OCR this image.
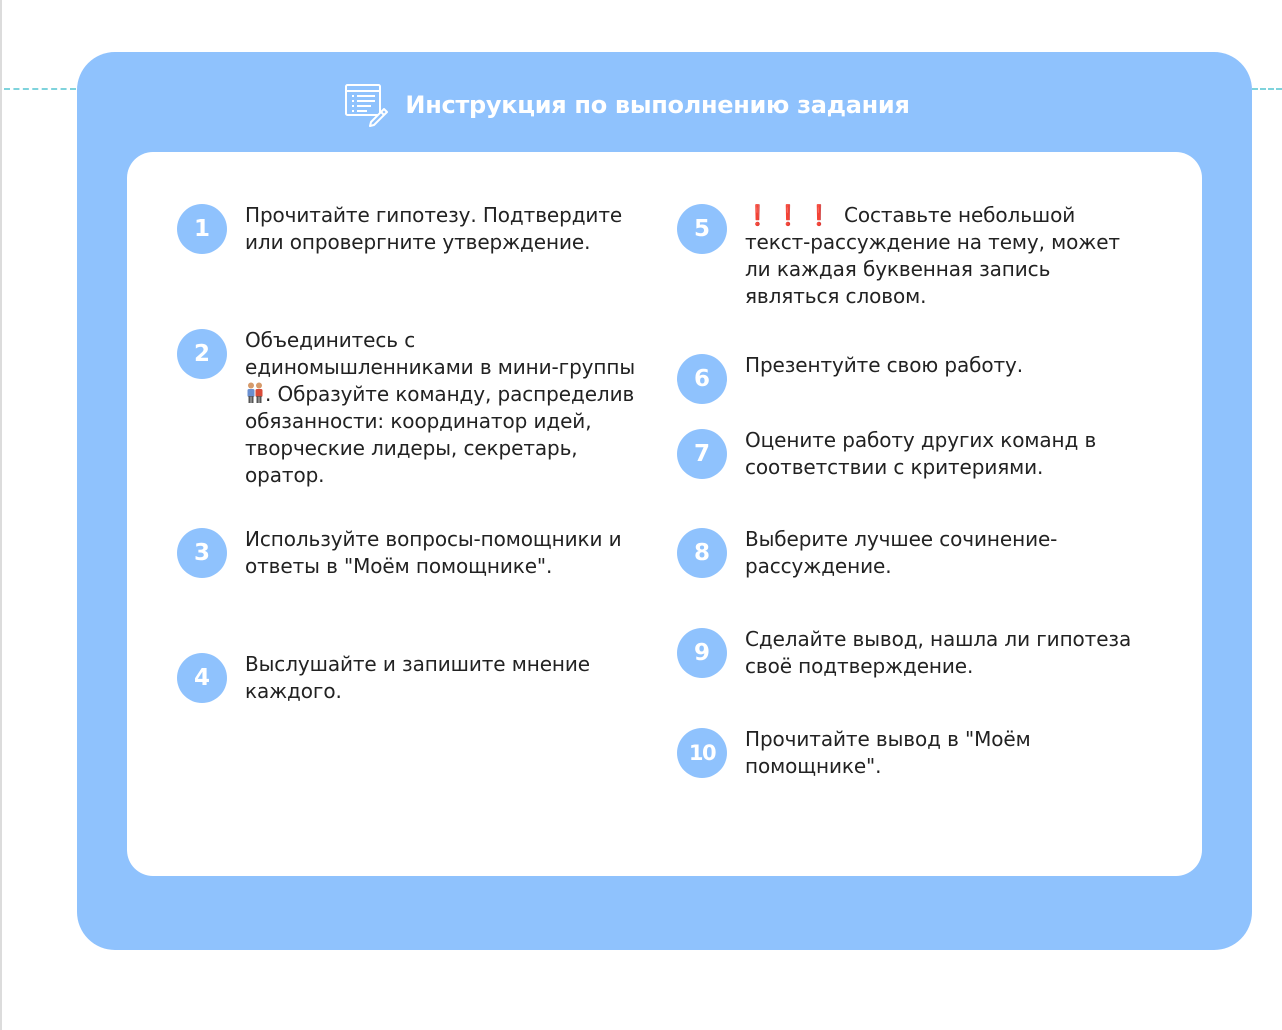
Инструкция по выполнению задания
1
Прочитайте гипотезу. Подтвердите или опровергните утверждение.
2
Объединитесь с единомышленниками в мини-группы. Образуйте команду, распределив обязанности: координатор идей, творческие лидеры, секретарь, оратор.
3
Используйте вопросы-помощники и ответы в "Моём помощнике".
4
Выслушайте и запишите мнение каждого.
5
❗❗❗ Составьте небольшой текст-рассуждение на тему, может ли каждая буквенная запись являться словом.
6
Презентуйте свою работу.
7
Оцените работу других команд в соответствии с критериями.
8
Выберите лучшее сочинение-рассуждение.
9
Сделайте вывод, нашла ли гипотеза своё подтверждение.
10
Прочитайте вывод в "Моём помощнике".
